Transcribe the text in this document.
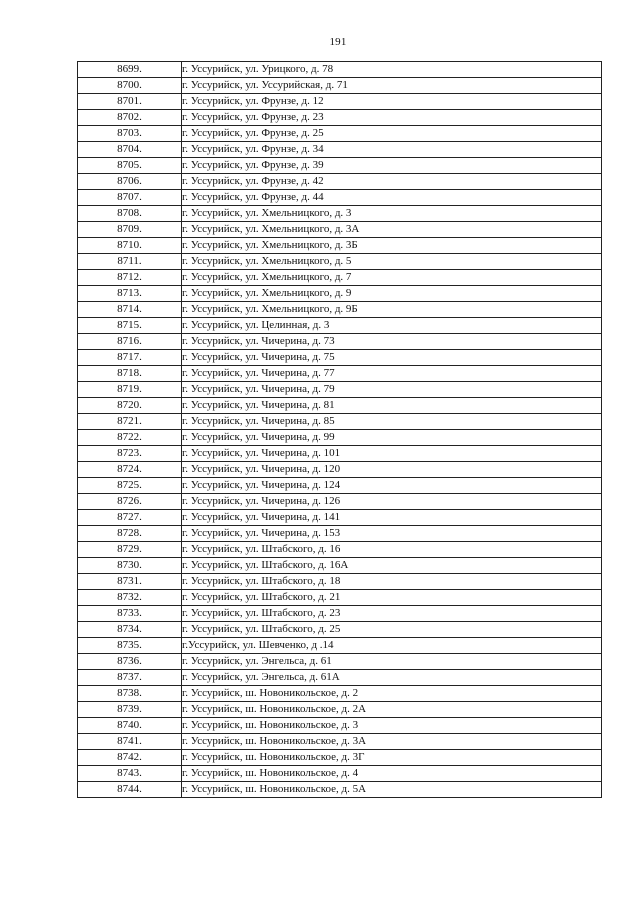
191
8699.	г. Уссурийск, ул. Урицкого, д. 78
8700.	г. Уссурийск, ул. Уссурийская, д. 71
8701.	г. Уссурийск, ул. Фрунзе, д. 12
8702.	г. Уссурийск, ул. Фрунзе, д. 23
8703.	г. Уссурийск, ул. Фрунзе, д. 25
8704.	г. Уссурийск, ул. Фрунзе, д. 34
8705.	г. Уссурийск, ул. Фрунзе, д. 39
8706.	г. Уссурийск, ул. Фрунзе, д. 42
8707.	г. Уссурийск, ул. Фрунзе, д. 44
8708.	г. Уссурийск, ул. Хмельницкого, д. 3
8709.	г. Уссурийск, ул. Хмельницкого, д. 3А
8710.	г. Уссурийск, ул. Хмельницкого, д. 3Б
8711.	г. Уссурийск, ул. Хмельницкого, д. 5
8712.	г. Уссурийск, ул. Хмельницкого, д. 7
8713.	г. Уссурийск, ул. Хмельницкого, д. 9
8714.	г. Уссурийск, ул. Хмельницкого, д. 9Б
8715.	г. Уссурийск, ул. Целинная, д. 3
8716.	г. Уссурийск, ул. Чичерина, д. 73
8717.	г. Уссурийск, ул. Чичерина, д. 75
8718.	г. Уссурийск, ул. Чичерина, д. 77
8719.	г. Уссурийск, ул. Чичерина, д. 79
8720.	г. Уссурийск, ул. Чичерина, д. 81
8721.	г. Уссурийск, ул. Чичерина, д. 85
8722.	г. Уссурийск, ул. Чичерина, д. 99
8723.	г. Уссурийск, ул. Чичерина, д. 101
8724.	г. Уссурийск, ул. Чичерина, д. 120
8725.	г. Уссурийск, ул. Чичерина, д. 124
8726.	г. Уссурийск, ул. Чичерина, д. 126
8727.	г. Уссурийск, ул. Чичерина, д. 141
8728.	г. Уссурийск, ул. Чичерина, д. 153
8729.	г. Уссурийск, ул. Штабского, д. 16
8730.	г. Уссурийск, ул. Штабского, д. 16А
8731.	г. Уссурийск, ул. Штабского, д. 18
8732.	г. Уссурийск, ул. Штабского, д. 21
8733.	г. Уссурийск, ул. Штабского, д. 23
8734.	г. Уссурийск, ул. Штабского, д. 25
8735.	г.Уссурийск, ул. Шевченко, д .14
8736.	г. Уссурийск, ул. Энгельса, д. 61
8737.	г. Уссурийск, ул. Энгельса, д. 61А
8738.	г. Уссурийск, ш. Новоникольское, д. 2
8739.	г. Уссурийск, ш. Новоникольское, д. 2А
8740.	г. Уссурийск, ш. Новоникольское, д. 3
8741.	г. Уссурийск, ш. Новоникольское, д. 3А
8742.	г. Уссурийск, ш. Новоникольское, д. 3Г
8743.	г. Уссурийск, ш. Новоникольское, д. 4
8744.	г. Уссурийск, ш. Новоникольское, д. 5А
